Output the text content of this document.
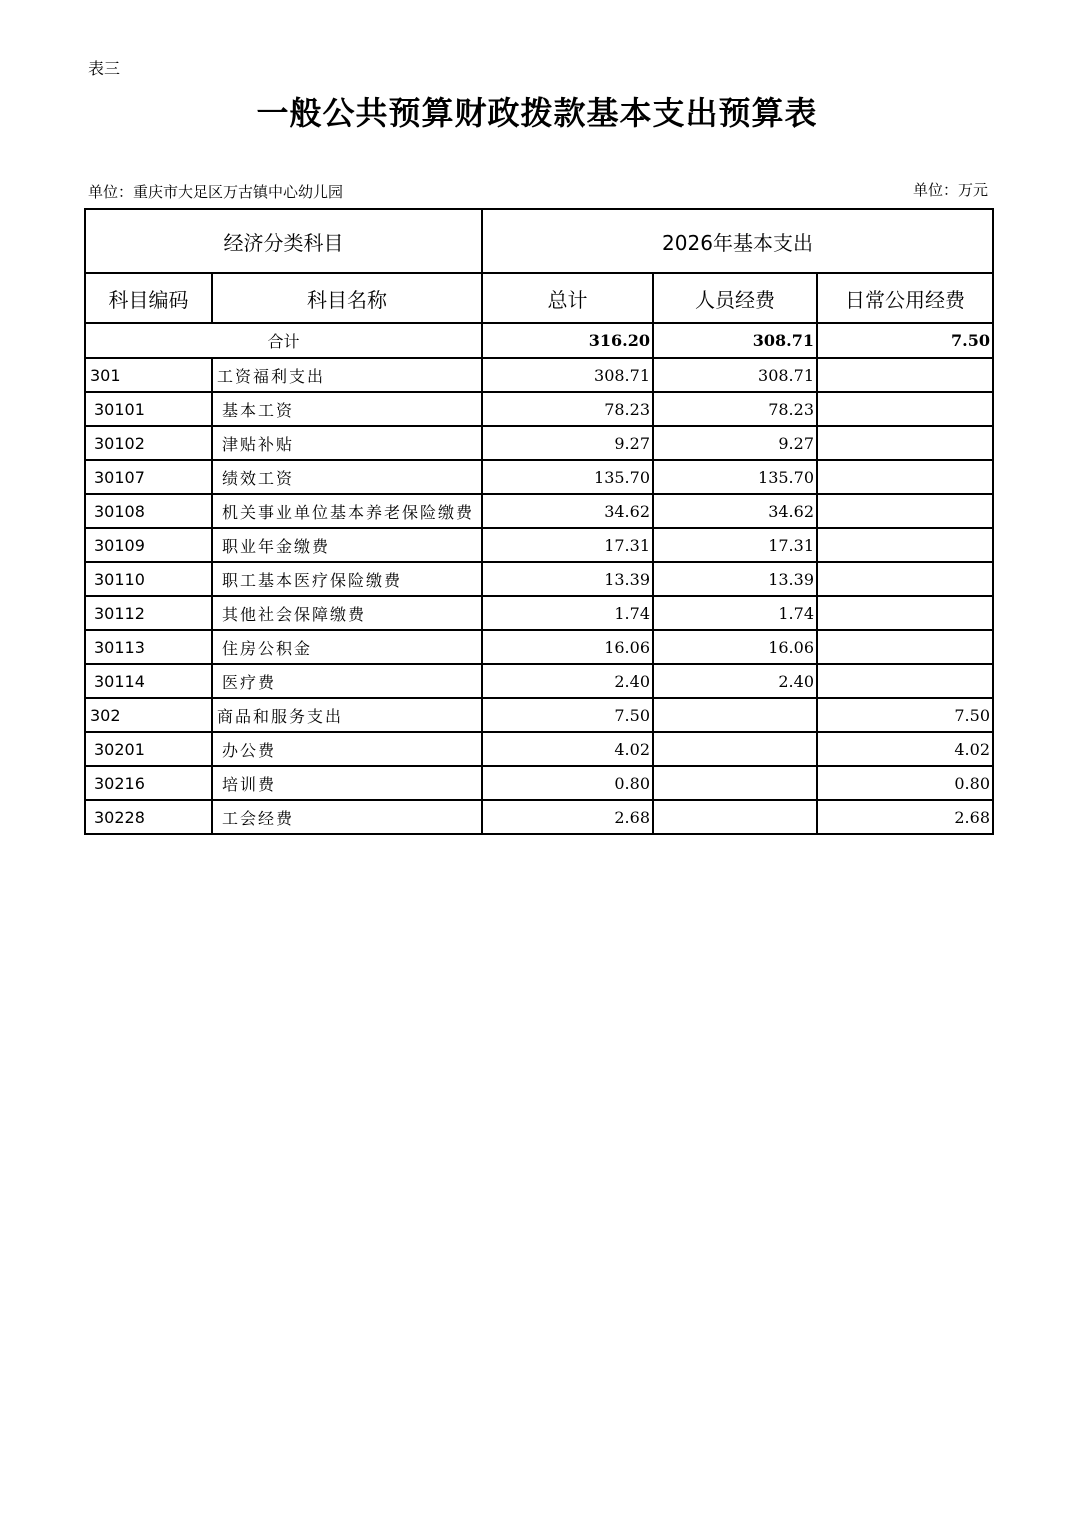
表三
一般公共预算财政拨款基本支出预算表
单位：重庆市大足区万古镇中心幼儿园	单位：万元
经济分类科目		2026年基本支出		
科目编码	科目名称	总计	人员经费	日常公用经费
合计		316.20	308.71	7.50
301	工资福利支出	308.71	308.71	
30101	基本工资	78.23	78.23	
30102	津贴补贴	9.27	9.27	
30107	绩效工资	135.70	135.70	
30108	机关事业单位基本养老保险缴费	34.62	34.62	
30109	职业年金缴费	17.31	17.31	
30110	职工基本医疗保险缴费	13.39	13.39	
30112	其他社会保障缴费	1.74	1.74	
30113	住房公积金	16.06	16.06	
30114	医疗费	2.40	2.40	
302	商品和服务支出	7.50		7.50
30201	办公费	4.02		4.02
30216	培训费	0.80		0.80
30228	工会经费	2.68		2.68
